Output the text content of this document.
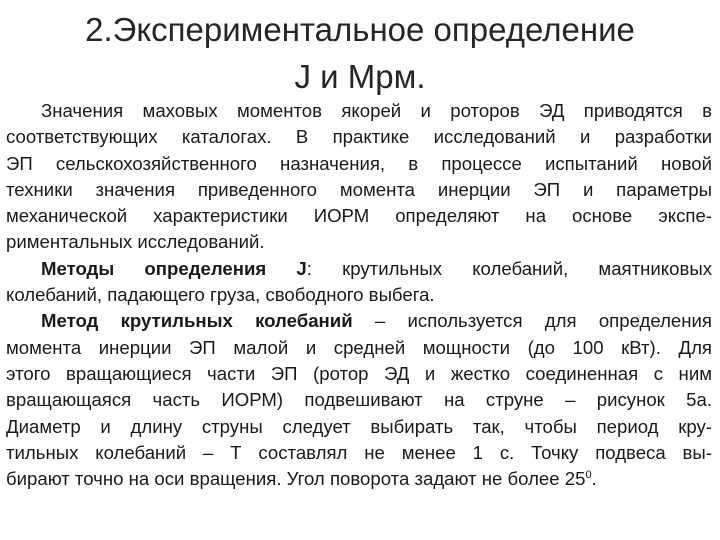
2.Экспериментальное определение
J и Мрм.
Значения маховых моментов якорей и роторов ЭД приводятся в
соответствующих каталогах. В практике исследований и разработки
ЭП сельскохозяйственного назначения, в процессе испытаний новой
техники значения приведенного момента инерции ЭП и параметры
механической характеристики ИОРМ определяют на основе экспе-
риментальных исследований.
Методы определения J: крутильных колебаний, маятниковых
колебаний, падающего груза, свободного выбега.
Метод крутильных колебаний – используется для определения
момента инерции ЭП малой и средней мощности (до 100 кВт). Для
этого вращающиеся части ЭП (ротор ЭД и жестко соединенная с ним
вращающаяся часть ИОРМ) подвешивают на струне – рисунок 5а.
Диаметр и длину струны следует выбирать так, чтобы период кру-
тильных колебаний – Т составлял не менее 1 с. Точку подвеса вы-
бирают точно на оси вращения. Угол поворота задают не более $25^0$.
